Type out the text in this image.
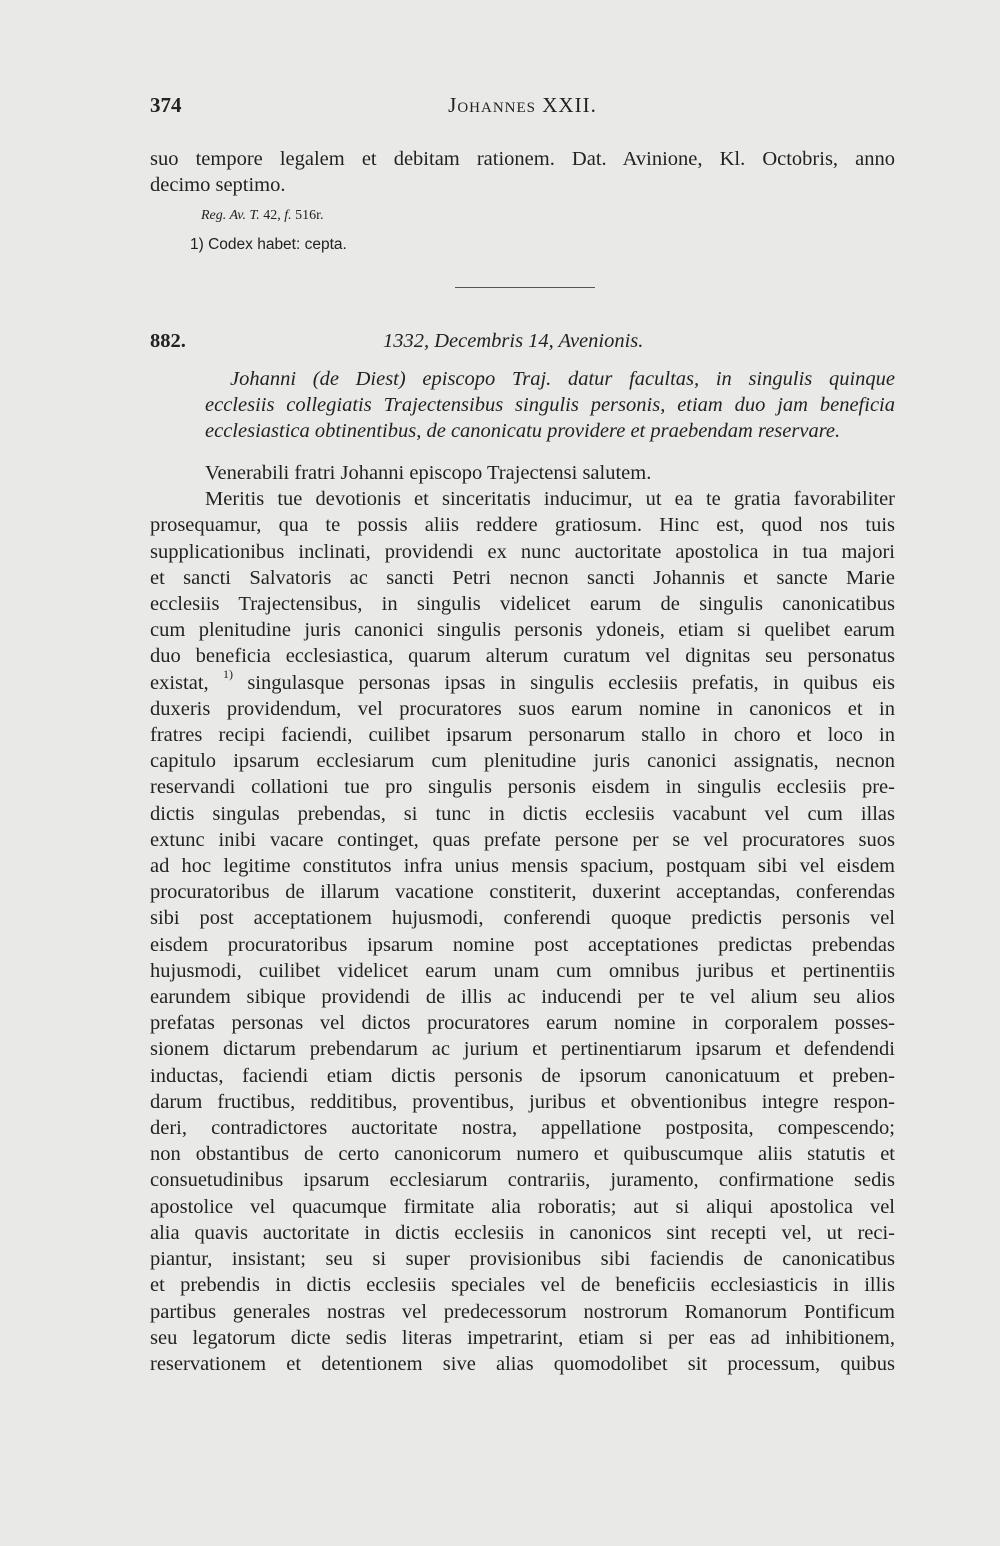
374	Johannes XXII.
suo tempore legalem et debitam rationem. Dat. Avinione, Kl. Octobris, anno
decimo septimo.
Reg. Av. T. 42, f. 516r.
1) Codex habet: cepta.
882.	1332, Decembris 14, Avenionis.
Johanni (de Diest) episcopo Traj. datur facultas, in singulis quinque
ecclesiis collegiatis Trajectensibus singulis personis, etiam duo jam beneficia
ecclesiastica obtinentibus, de canonicatu providere et praebendam reservare.
Venerabili fratri Johanni episcopo Trajectensi salutem.
Meritis tue devotionis et sinceritatis inducimur, ut ea te gratia favorabiliter
prosequamur, qua te possis aliis reddere gratiosum. Hinc est, quod nos tuis
supplicationibus inclinati, providendi ex nunc auctoritate apostolica in tua majori
et sancti Salvatoris ac sancti Petri necnon sancti Johannis et sancte Marie
ecclesiis Trajectensibus, in singulis videlicet earum de singulis canonicatibus
cum plenitudine juris canonici singulis personis ydoneis, etiam si quelibet earum
duo beneficia ecclesiastica, quarum alterum curatum vel dignitas seu personatus
existat, $^{1)}$ singulasque personas ipsas in singulis ecclesiis prefatis, in quibus eis
duxeris providendum, vel procuratores suos earum nomine in canonicos et in
fratres recipi faciendi, cuilibet ipsarum personarum stallo in choro et loco in
capitulo ipsarum ecclesiarum cum plenitudine juris canonici assignatis, necnon
reservandi collationi tue pro singulis personis eisdem in singulis ecclesiis pre-
dictis singulas prebendas, si tunc in dictis ecclesiis vacabunt vel cum illas
extunc inibi vacare continget, quas prefate persone per se vel procuratores suos
ad hoc legitime constitutos infra unius mensis spacium, postquam sibi vel eisdem
procuratoribus de illarum vacatione constiterit, duxerint acceptandas, conferendas
sibi post acceptationem hujusmodi, conferendi quoque predictis personis vel
eisdem procuratoribus ipsarum nomine post acceptationes predictas prebendas
hujusmodi, cuilibet videlicet earum unam cum omnibus juribus et pertinentiis
earundem sibique providendi de illis ac inducendi per te vel alium seu alios
prefatas personas vel dictos procuratores earum nomine in corporalem posses-
sionem dictarum prebendarum ac jurium et pertinentiarum ipsarum et defendendi
inductas, faciendi etiam dictis personis de ipsorum canonicatuum et preben-
darum fructibus, redditibus, proventibus, juribus et obventionibus integre respon-
deri, contradictores auctoritate nostra, appellatione postposita, compescendo;
non obstantibus de certo canonicorum numero et quibuscumque aliis statutis et
consuetudinibus ipsarum ecclesiarum contrariis, juramento, confirmatione sedis
apostolice vel quacumque firmitate alia roboratis; aut si aliqui apostolica vel
alia quavis auctoritate in dictis ecclesiis in canonicos sint recepti vel, ut reci-
piantur, insistant; seu si super provisionibus sibi faciendis de canonicatibus
et prebendis in dictis ecclesiis speciales vel de beneficiis ecclesiasticis in illis
partibus generales nostras vel predecessorum nostrorum Romanorum Pontificum
seu legatorum dicte sedis literas impetrarint, etiam si per eas ad inhibitionem,
reservationem et detentionem sive alias quomodolibet sit processum, quibus
